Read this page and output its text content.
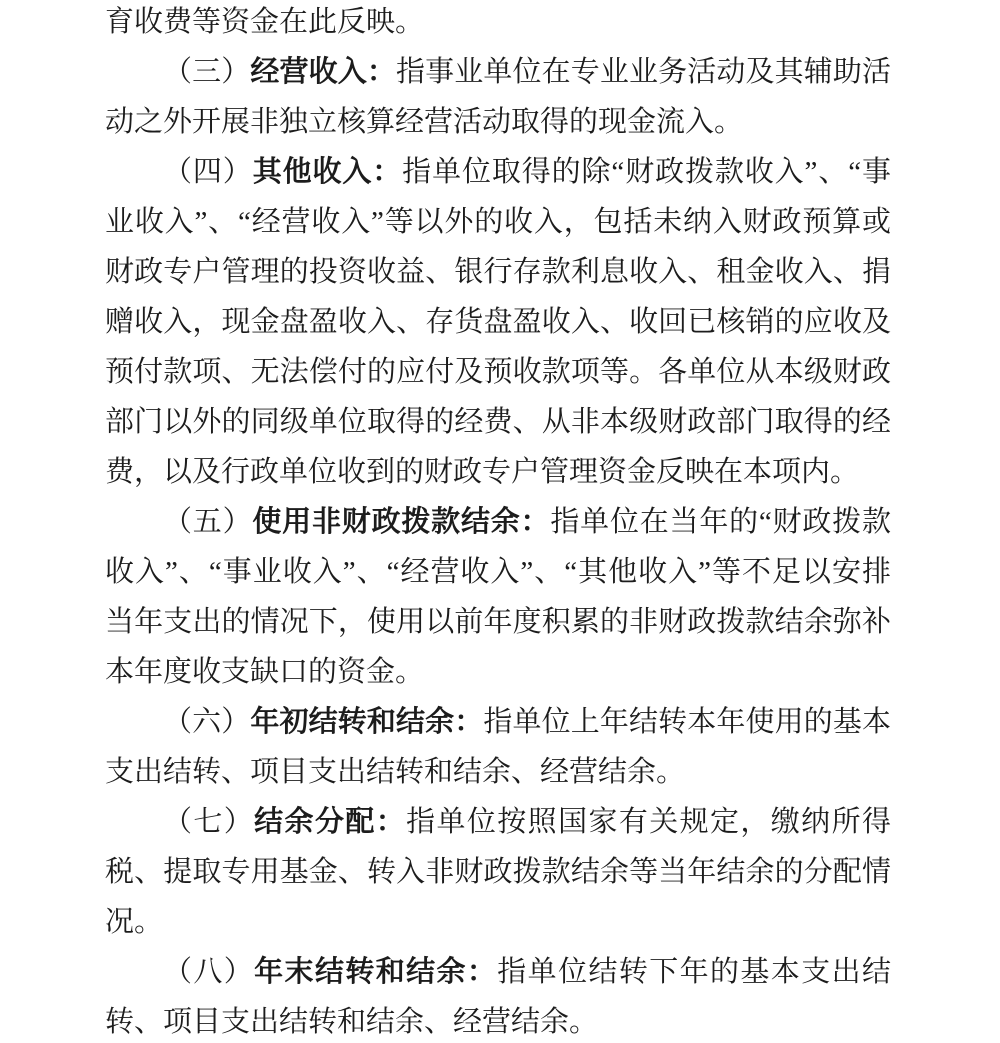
育收费等资金在此反映。

（三）经营收入：指事业单位在专业业务活动及其辅助活动之外开展非独立核算经营活动取得的现金流入。

（四）其他收入：指单位取得的除“财政拨款收入”、“事业收入”、“经营收入”等以外的收入，包括未纳入财政预算或财政专户管理的投资收益、银行存款利息收入、租金收入、捐赠收入，现金盘盈收入、存货盘盈收入、收回已核销的应收及预付款项、无法偿付的应付及预收款项等。各单位从本级财政部门以外的同级单位取得的经费、从非本级财政部门取得的经费，以及行政单位收到的财政专户管理资金反映在本项内。

（五）使用非财政拨款结余：指单位在当年的“财政拨款收入”、“事业收入”、“经营收入”、“其他收入”等不足以安排当年支出的情况下，使用以前年度积累的非财政拨款结余弥补本年度收支缺口的资金。

（六）年初结转和结余：指单位上年结转本年使用的基本支出结转、项目支出结转和结余、经营结余。

（七）结余分配：指单位按照国家有关规定，缴纳所得税、提取专用基金、转入非财政拨款结余等当年结余的分配情况。

（八）年末结转和结余：指单位结转下年的基本支出结转、项目支出结转和结余、经营结余。
